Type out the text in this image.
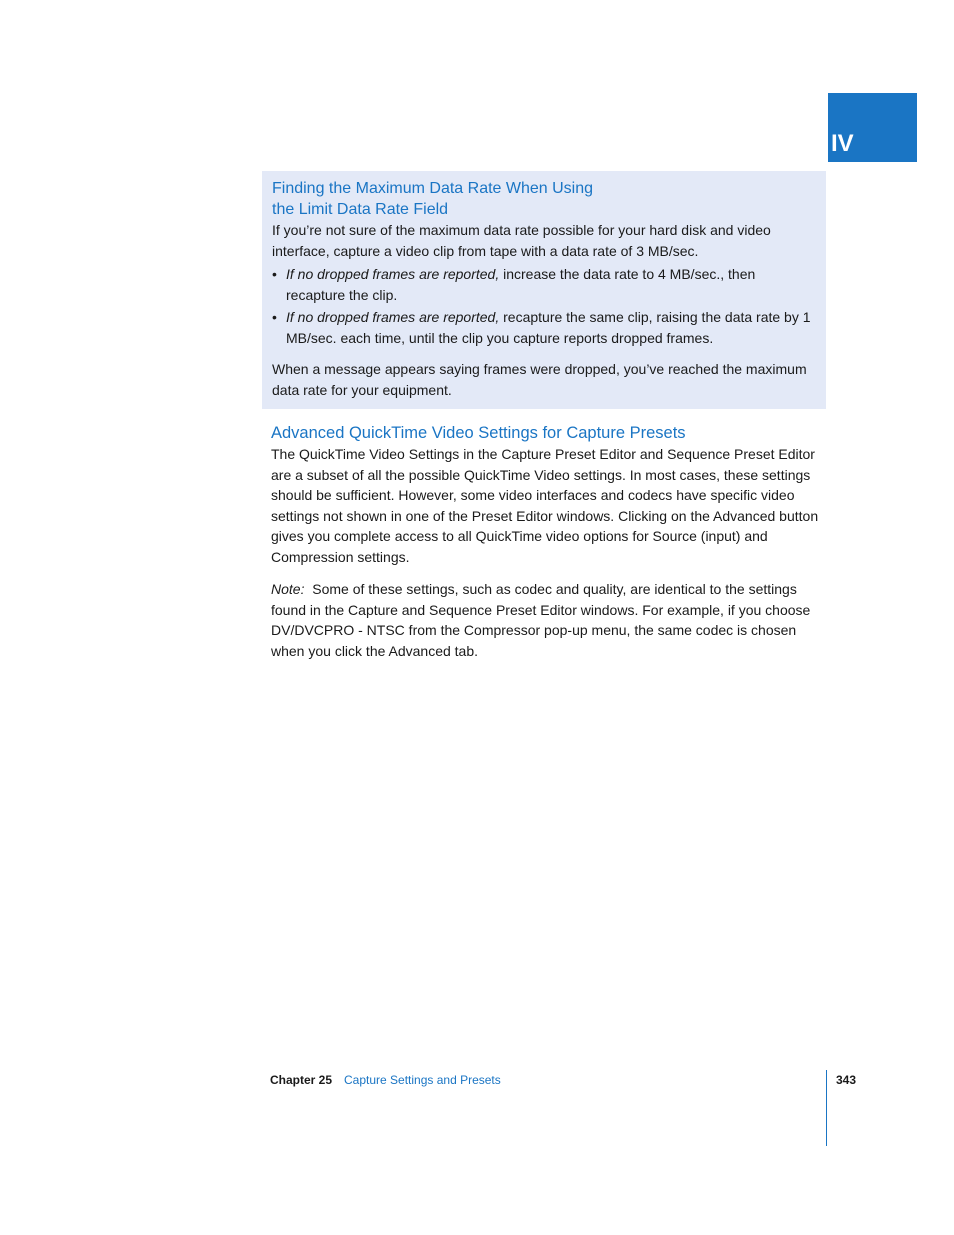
IV
Finding the Maximum Data Rate When Using
the Limit Data Rate Field

If you’re not sure of the maximum data rate possible for your hard disk and video interface, capture a video clip from tape with a data rate of 3 MB/sec.

• If no dropped frames are reported, increase the data rate to 4 MB/sec., then recapture the clip.
• If no dropped frames are reported, recapture the same clip, raising the data rate by 1 MB/sec. each time, until the clip you capture reports dropped frames.

When a message appears saying frames were dropped, you’ve reached the maximum data rate for your equipment.

Advanced QuickTime Video Settings for Capture Presets

The QuickTime Video Settings in the Capture Preset Editor and Sequence Preset Editor are a subset of all the possible QuickTime Video settings. In most cases, these settings should be sufficient. However, some video interfaces and codecs have specific video settings not shown in one of the Preset Editor windows. Clicking on the Advanced button gives you complete access to all QuickTime video options for Source (input) and Compression settings.

Note: Some of these settings, such as codec and quality, are identical to the settings found in the Capture and Sequence Preset Editor windows. For example, if you choose DV/DVCPRO - NTSC from the Compressor pop-up menu, the same codec is chosen when you click the Advanced tab.

Chapter 25 Capture Settings and Presets	343
